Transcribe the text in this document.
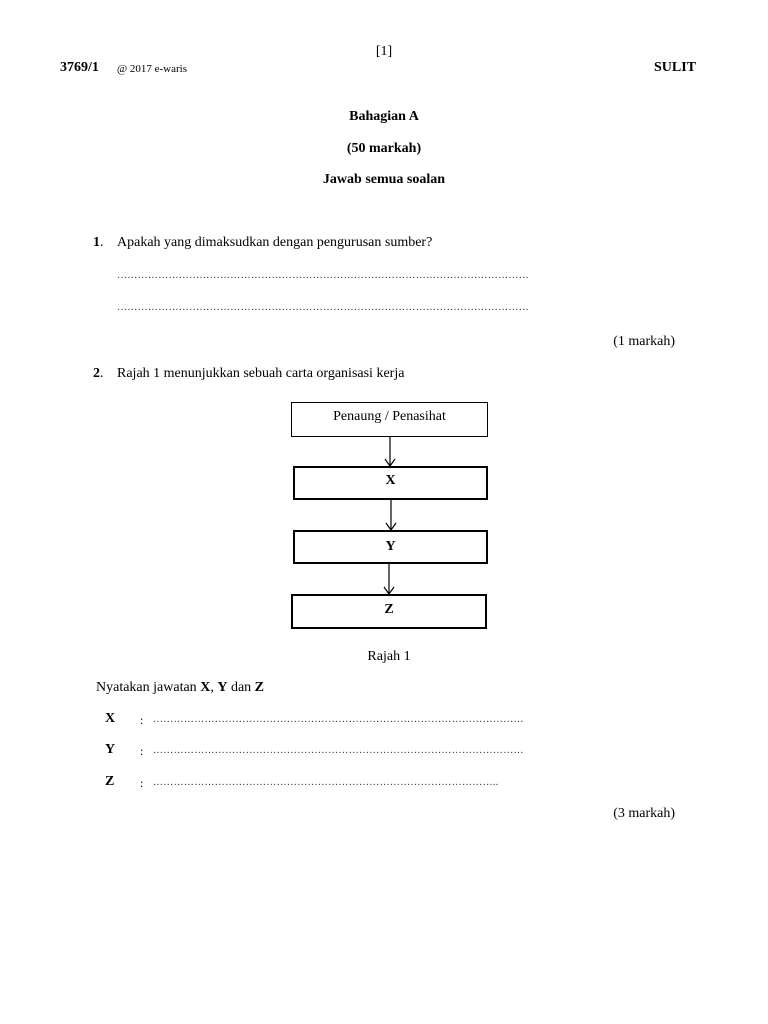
[1]
3769/1 @ 2017 e-waris	SULIT
Bahagian A
(50 markah)
Jawab semua soalan
1. Apakah yang dimaksudkan dengan pengurusan sumber?
…………………………………………………………………………………………………………
…………………………………………………………………………………………………………
(1 markah)
2. Rajah 1 menunjukkan sebuah carta organisasi kerja
Penaung / Penasihat
X
Y
Z
Rajah 1
Nyatakan jawatan X, Y dan Z
X : ………………………………………………………………………………………………
Y : ………………………………………………………………………………………………
Z : ………………………………………………………………………………………..
(3 markah)
